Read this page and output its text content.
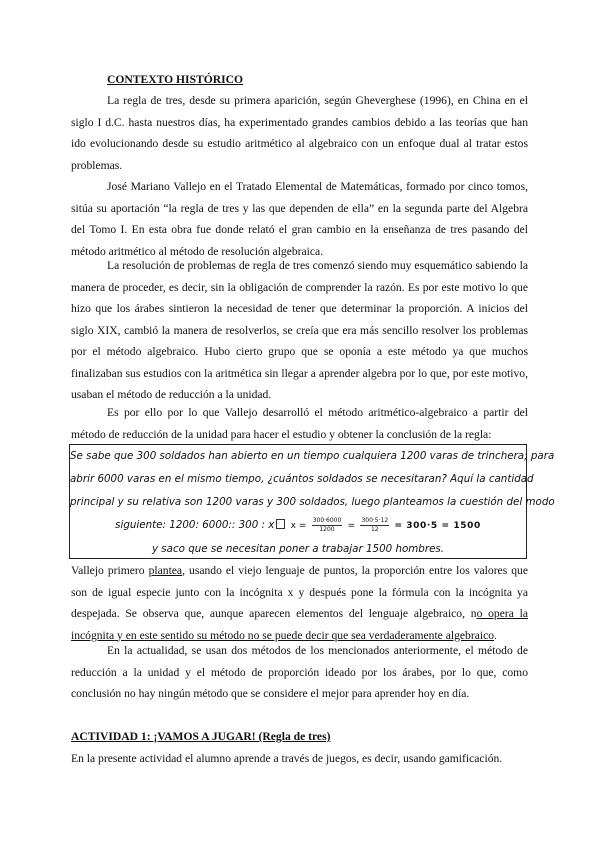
CONTEXTO HISTÓRICO

La regla de tres, desde su primera aparición, según Gheverghese (1996), en China en el siglo I d.C. hasta nuestros días, ha experimentado grandes cambios debido a las teorías que han ido evolucionando desde su estudio aritmético al algebraico con un enfoque dual al tratar estos problemas.

José Mariano Vallejo en el Tratado Elemental de Matemáticas, formado por cinco tomos, sitúa su aportación “la regla de tres y las que dependen de ella” en la segunda parte del Algebra del Tomo I. En esta obra fue donde relató el gran cambio en la enseñanza de tres pasando del método aritmético al método de resolución algebraica.

La resolución de problemas de regla de tres comenzó siendo muy esquemático sabiendo la manera de proceder, es decir, sin la obligación de comprender la razón. Es por este motivo lo que hizo que los árabes sintieron la necesidad de tener que determinar la proporción. A inicios del siglo XIX, cambió la manera de resolverlos, se creía que era más sencillo resolver los problemas por el método algebraico. Hubo cierto grupo que se oponía a este método ya que muchos finalizaban sus estudios con la aritmética sin llegar a aprender algebra por lo que, por este motivo, usaban el método de reducción a la unidad.

Es por ello por lo que Vallejo desarrolló el método aritmético-algebraico a partir del método de reducción de la unidad para hacer el estudio y obtener la conclusión de la regla:

Se sabe que 300 soldados han abierto en un tiempo cualquiera 1200 varas de trinchera; para
abrir 6000 varas en el mismo tiempo, ¿cuántos soldados se necesitaran? Aquí la cantidad
principal y su relativa son 1200 varas y 300 soldados, luego planteamos la cuestión del modo
siguiente: 1200: 6000:: 300 : x $x = \frac{300\cdot 6000}{1200} = \frac{300\cdot 5\cdot 12}{12} = 300\cdot 5 = 1500$
y saco que se necesitan poner a trabajar 1500 hombres.

Vallejo primero plantea, usando el viejo lenguaje de puntos, la proporción entre los valores que son de igual especie junto con la incógnita x y después pone la fórmula con la incógnita ya despejada. Se observa que, aunque aparecen elementos del lenguaje algebraico, no opera la incógnita y en este sentido su método no se puede decir que sea verdaderamente algebraico.

En la actualidad, se usan dos métodos de los mencionados anteriormente, el método de reducción a la unidad y el método de proporción ideado por los árabes, por lo que, como conclusión no hay ningún método que se considere el mejor para aprender hoy en día.

ACTIVIDAD 1: ¡VAMOS A JUGAR! (Regla de tres)

En la presente actividad el alumno aprende a través de juegos, es decir, usando gamificación.
